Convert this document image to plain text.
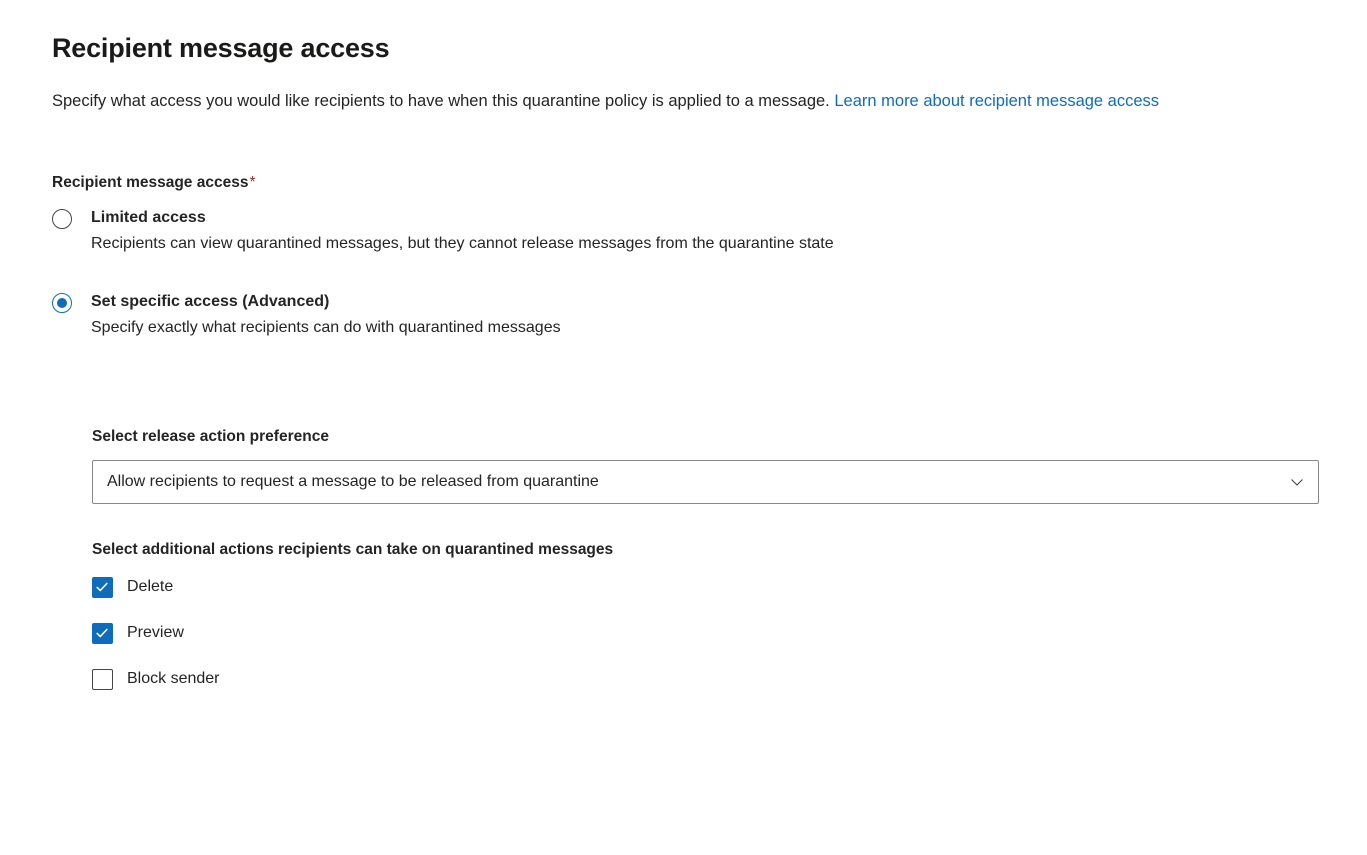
Recipient message access
Specify what access you would like recipients to have when this quarantine policy is applied to a message. Learn more about recipient message access
Recipient message access*
Limited access
Recipients can view quarantined messages, but they cannot release messages from the quarantine state
Set specific access (Advanced)
Specify exactly what recipients can do with quarantined messages
Select release action preference
Allow recipients to request a message to be released from quarantine
Select additional actions recipients can take on quarantined messages
Delete
Preview
Block sender
